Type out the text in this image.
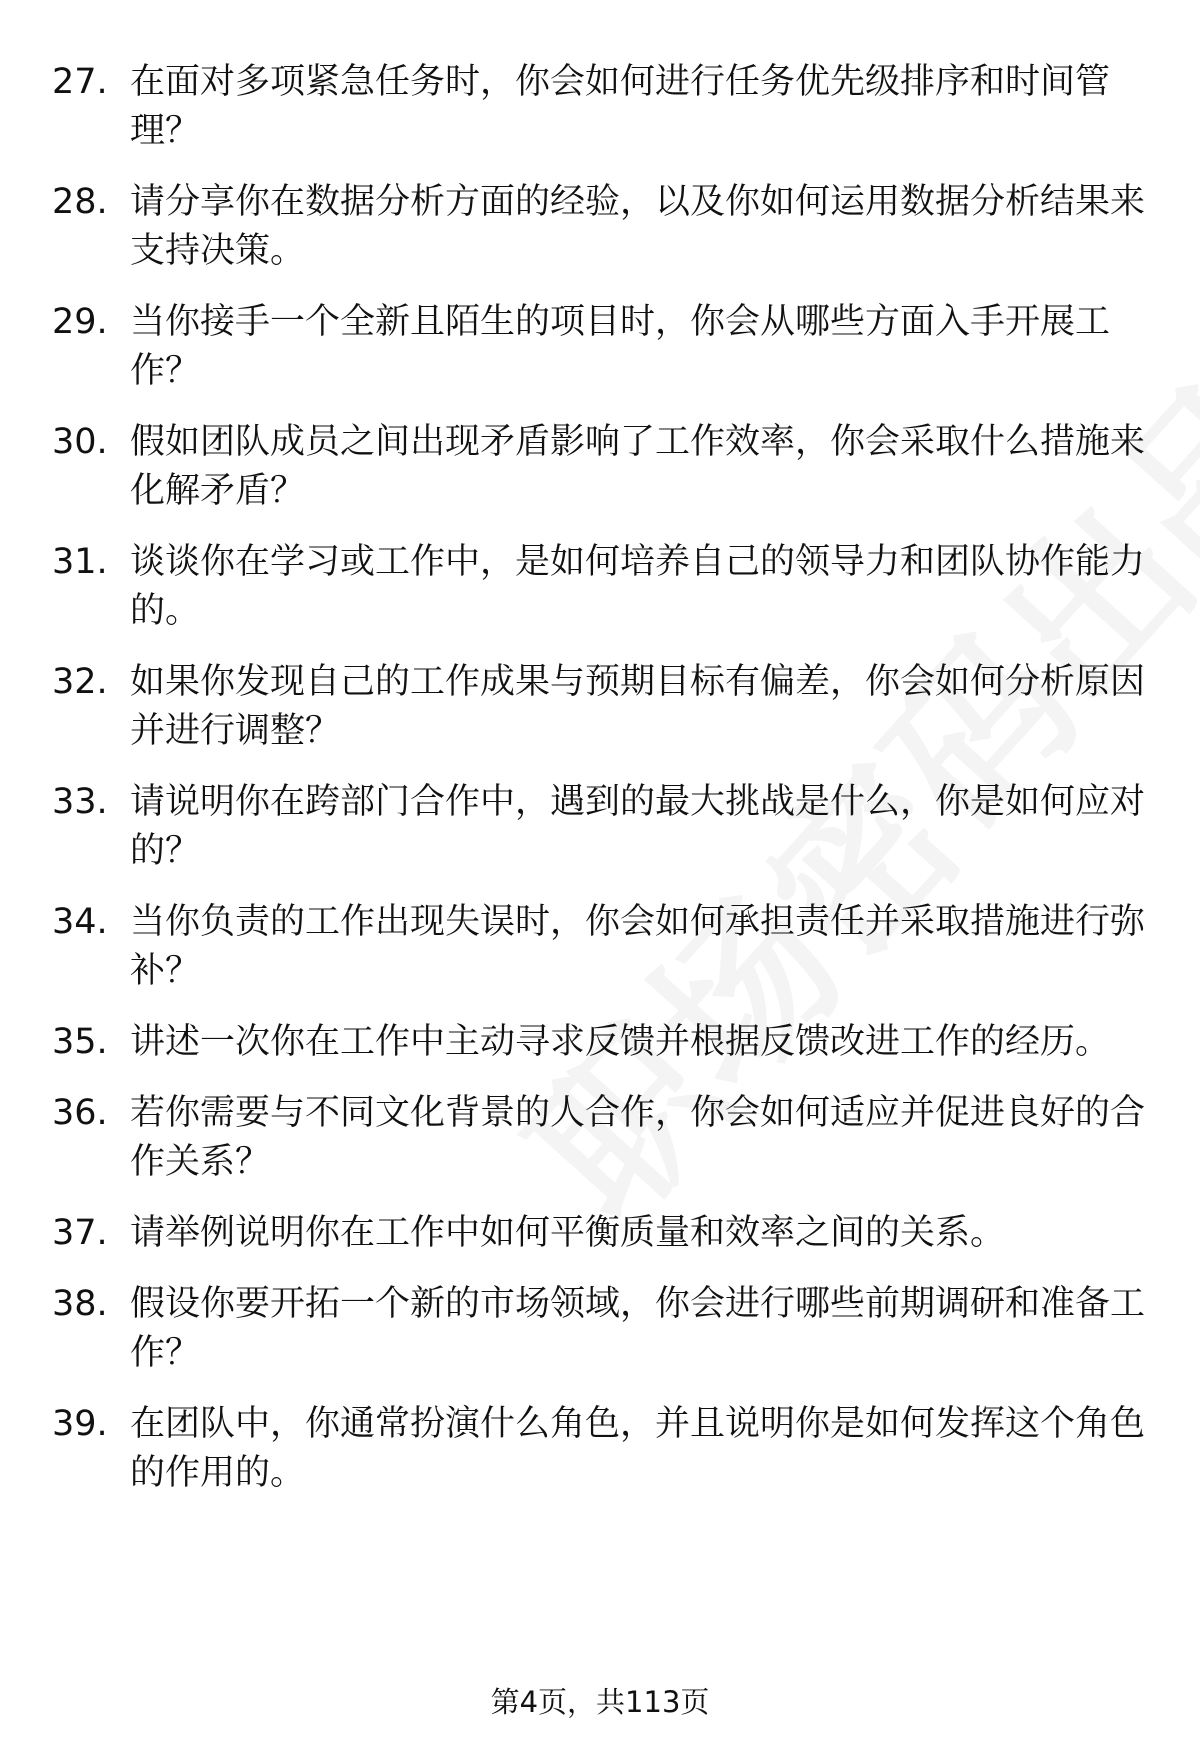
27. 在面对多项紧急任务时，你会如何进行任务优先级排序和时间管理？
28. 请分享你在数据分析方面的经验，以及你如何运用数据分析结果来支持决策。
29. 当你接手一个全新且陌生的项目时，你会从哪些方面入手开展工作？
30. 假如团队成员之间出现矛盾影响了工作效率，你会采取什么措施来化解矛盾？
31. 谈谈你在学习或工作中，是如何培养自己的领导力和团队协作能力的。
32. 如果你发现自己的工作成果与预期目标有偏差，你会如何分析原因并进行调整？
33. 请说明你在跨部门合作中，遇到的最大挑战是什么，你是如何应对的？
34. 当你负责的工作出现失误时，你会如何承担责任并采取措施进行弥补？
35. 讲述一次你在工作中主动寻求反馈并根据反馈改进工作的经历。
36. 若你需要与不同文化背景的人合作，你会如何适应并促进良好的合作关系？
37. 请举例说明你在工作中如何平衡质量和效率之间的关系。
38. 假设你要开拓一个新的市场领域，你会进行哪些前期调研和准备工作？
39. 在团队中，你通常扮演什么角色，并且说明你是如何发挥这个角色的作用的。
第4页，共113页
